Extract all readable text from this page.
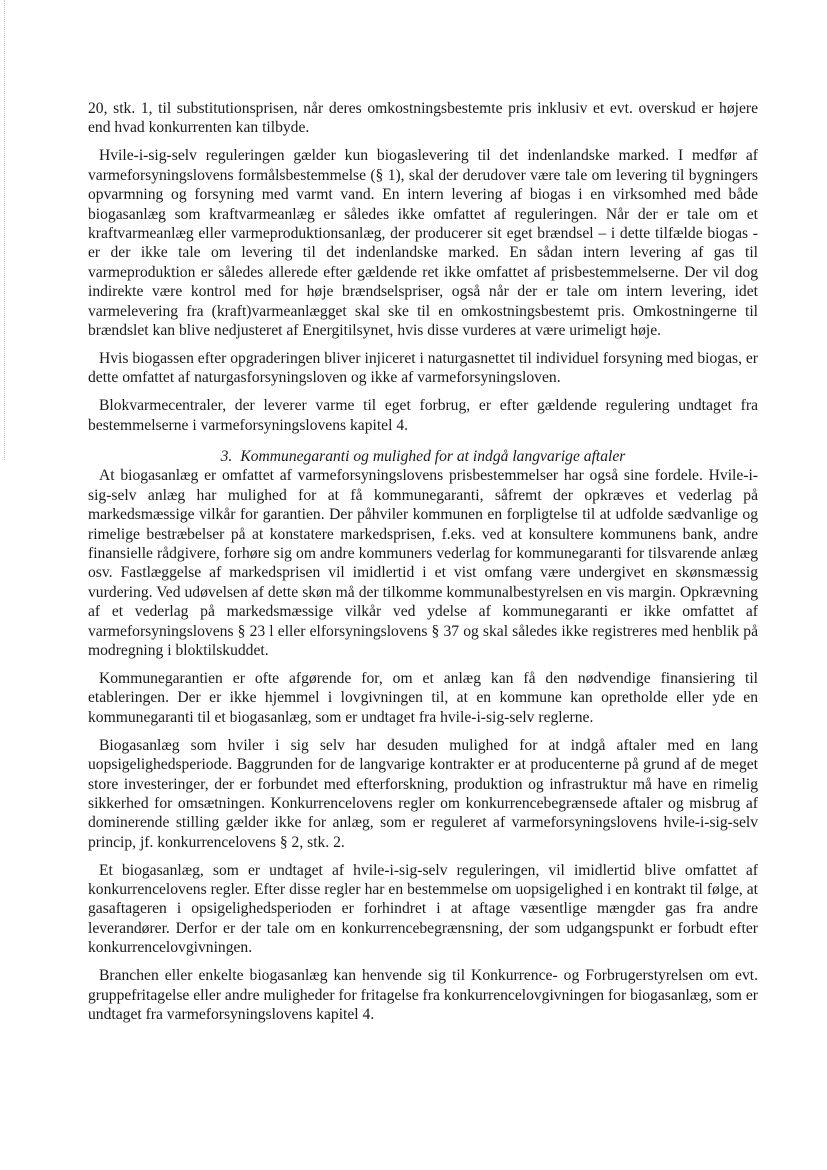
20, stk. 1, til substitutionsprisen, når deres omkostningsbestemte pris inklusiv et evt. overskud er højere end hvad konkurrenten kan tilbyde.

Hvile-i-sig-selv reguleringen gælder kun biogaslevering til det indenlandske marked. I medfør af varmeforsyningslovens formålsbestemmelse (§ 1), skal der derudover være tale om levering til bygningers opvarmning og forsyning med varmt vand. En intern levering af biogas i en virksomhed med både biogasanlæg som kraftvarmeanlæg er således ikke omfattet af reguleringen. Når der er tale om et kraftvarmeanlæg eller varmeproduktionsanlæg, der producerer sit eget brændsel – i dette tilfælde biogas - er der ikke tale om levering til det indenlandske marked. En sådan intern levering af gas til varmeproduktion er således allerede efter gældende ret ikke omfattet af prisbestemmelserne. Der vil dog indirekte være kontrol med for høje brændselspriser, også når der er tale om intern levering, idet varmelevering fra (kraft)varmeanlægget skal ske til en omkostningsbestemt pris. Omkostningerne til brændslet kan blive nedjusteret af Energitilsynet, hvis disse vurderes at være urimeligt høje.

Hvis biogassen efter opgraderingen bliver injiceret i naturgasnettet til individuel forsyning med biogas, er dette omfattet af naturgasforsyningsloven og ikke af varmeforsyningsloven.

Blokvarmecentraler, der leverer varme til eget forbrug, er efter gældende regulering undtaget fra bestemmelserne i varmeforsyningslovens kapitel 4.

3. Kommunegaranti og mulighed for at indgå langvarige aftaler

At biogasanlæg er omfattet af varmeforsyningslovens prisbestemmelser har også sine fordele. Hvile-i-sig-selv anlæg har mulighed for at få kommunegaranti, såfremt der opkræves et vederlag på markedsmæssige vilkår for garantien. Der påhviler kommunen en forpligtelse til at udfolde sædvanlige og rimelige bestræbelser på at konstatere markedsprisen, f.eks. ved at konsultere kommunens bank, andre finansielle rådgivere, forhøre sig om andre kommuners vederlag for kommunegaranti for tilsvarende anlæg osv. Fastlæggelse af markedsprisen vil imidlertid i et vist omfang være undergivet en skønsmæssig vurdering. Ved udøvelsen af dette skøn må der tilkomme kommunalbestyrelsen en vis margin. Opkrævning af et vederlag på markedsmæssige vilkår ved ydelse af kommunegaranti er ikke omfattet af varmeforsyningslovens § 23 l eller elforsyningslovens § 37 og skal således ikke registreres med henblik på modregning i bloktilskuddet.

Kommunegarantien er ofte afgørende for, om et anlæg kan få den nødvendige finansiering til etableringen. Der er ikke hjemmel i lovgivningen til, at en kommune kan opretholde eller yde en kommunegaranti til et biogasanlæg, som er undtaget fra hvile-i-sig-selv reglerne.

Biogasanlæg som hviler i sig selv har desuden mulighed for at indgå aftaler med en lang uopsigelighedsperiode. Baggrunden for de langvarige kontrakter er at producenterne på grund af de meget store investeringer, der er forbundet med efterforskning, produktion og infrastruktur må have en rimelig sikkerhed for omsætningen. Konkurrencelovens regler om konkurrencebegrænsede aftaler og misbrug af dominerende stilling gælder ikke for anlæg, som er reguleret af varmeforsyningslovens hvile-i-sig-selv princip, jf. konkurrencelovens § 2, stk. 2.

Et biogasanlæg, som er undtaget af hvile-i-sig-selv reguleringen, vil imidlertid blive omfattet af konkurrencelovens regler. Efter disse regler har en bestemmelse om uopsigelighed i en kontrakt til følge, at gasaftageren i opsigelighedsperioden er forhindret i at aftage væsentlige mængder gas fra andre leverandører. Derfor er der tale om en konkurrencebegrænsning, der som udgangspunkt er forbudt efter konkurrencelovgivningen.

Branchen eller enkelte biogasanlæg kan henvende sig til Konkurrence- og Forbrugerstyrelsen om evt. gruppefritagelse eller andre muligheder for fritagelse fra konkurrencelovgivningen for biogasanlæg, som er undtaget fra varmeforsyningslovens kapitel 4.
